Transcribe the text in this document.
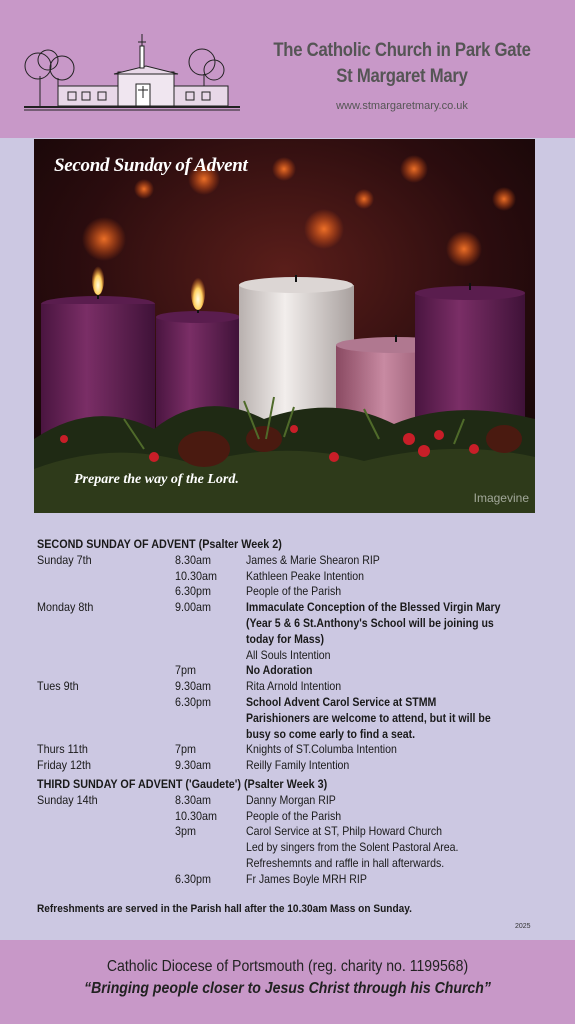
The Catholic Church in Park Gate
St Margaret Mary
www.stmargaretmary.co.uk
Second Sunday of Advent
Prepare the way of the Lord.
Imagevine
SECOND SUNDAY OF ADVENT (Psalter Week 2)
Sunday 7th	8.30am	James & Marie Shearon RIP
10.30am Kathleen Peake Intention
6.30pm	People of the Parish
Monday 8th	9.00am	Immaculate Conception of the Blessed Virgin Mary
(Year 5 & 6 St.Anthony's School will be joining us
today for Mass)
All Souls Intention
7pm	No Adoration
Tues 9th	9.30am	Rita Arnold Intention
6.30pm	School Advent Carol Service at STMM
Parishioners are welcome to attend, but it will be
busy so come early to find a seat.
Thurs 11th	7pm	Knights of ST.Columba Intention
Friday 12th	9.30am	Reilly Family Intention
THIRD SUNDAY OF ADVENT ('Gaudete') (Psalter Week 3)
Sunday 14th	8.30am	Danny Morgan RIP
10.30am People of the Parish
3pm	Carol Service at ST, Philp Howard Church
Led by singers from the Solent Pastoral Area.
Refreshemnts and raffle in hall afterwards.
6.30pm	Fr James Boyle MRH RIP
Refreshments are served in the Parish hall after the 10.30am Mass on Sunday.
2025
Catholic Diocese of Portsmouth (reg. charity no. 1199568)
“Bringing people closer to Jesus Christ through his Church”
